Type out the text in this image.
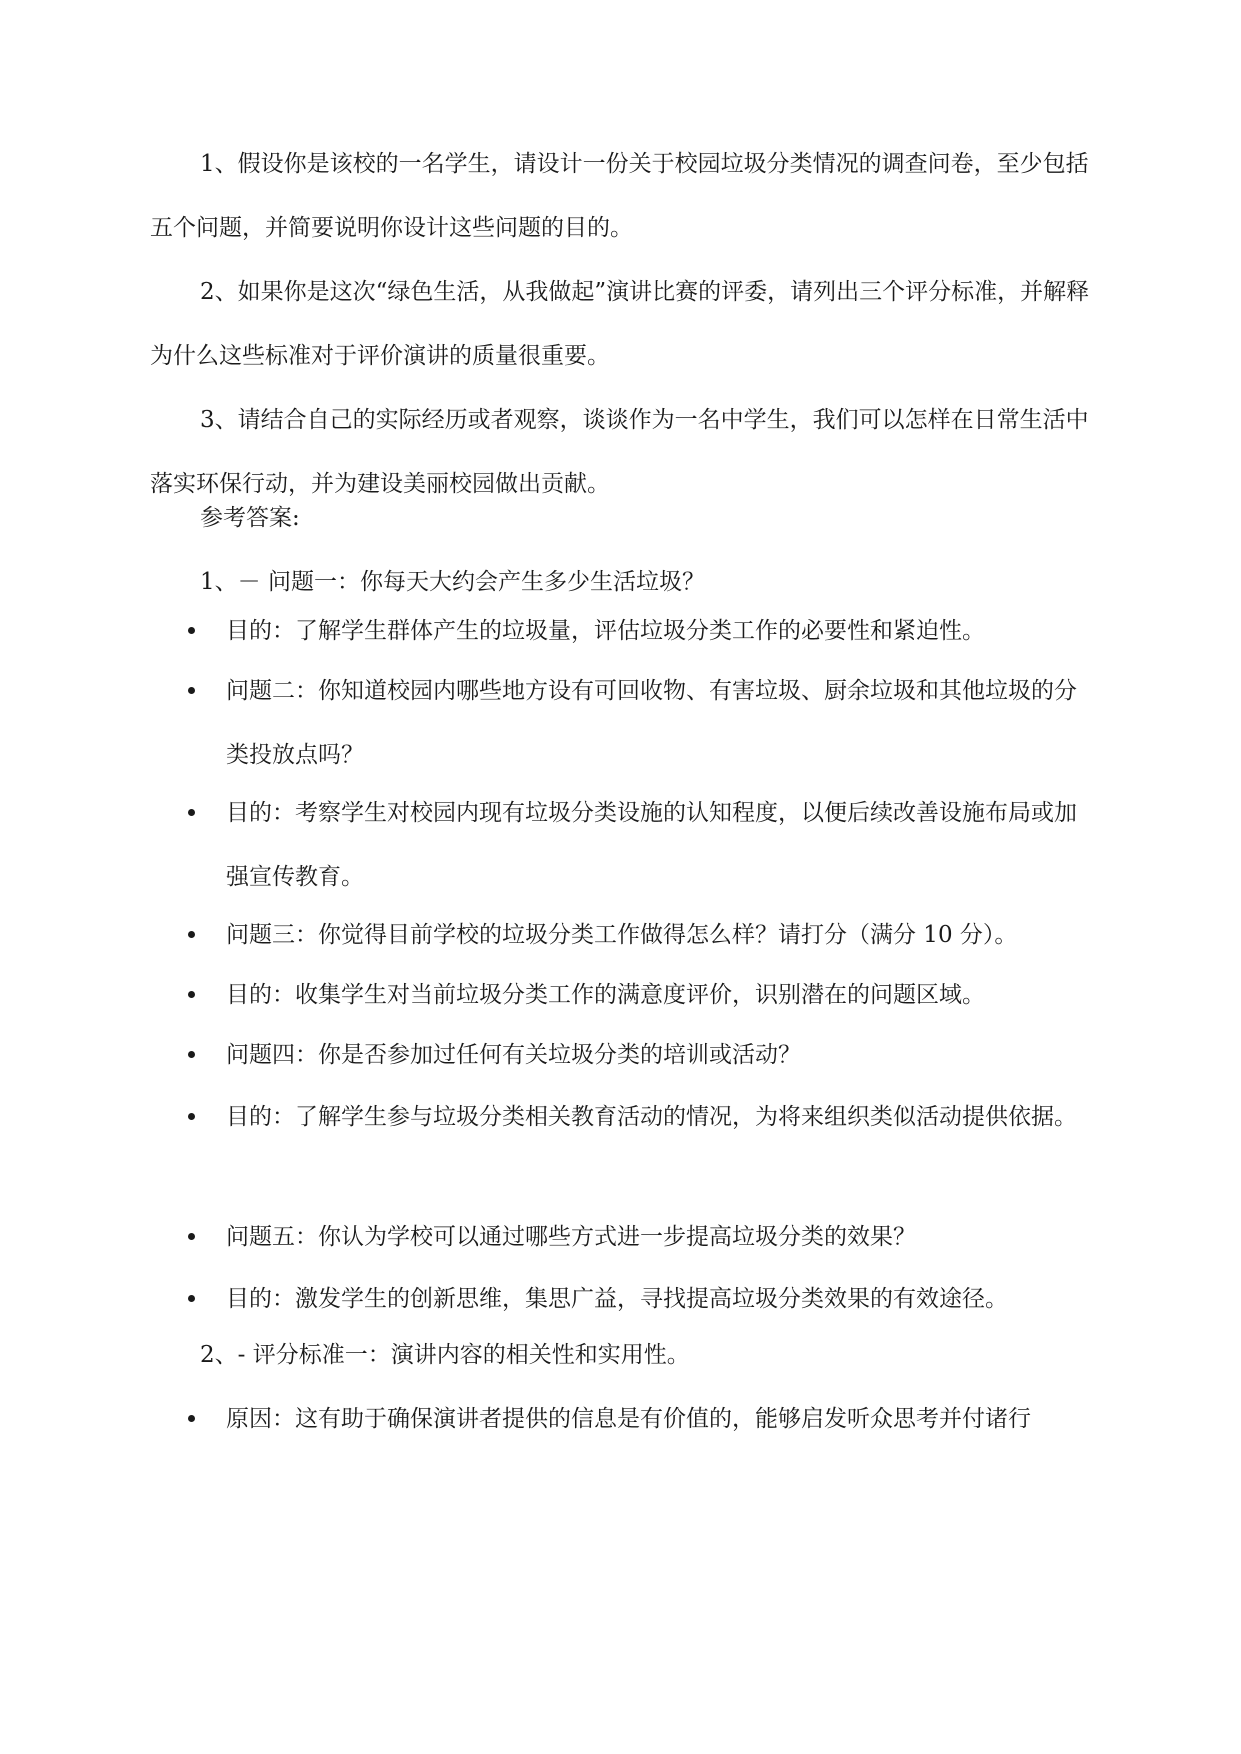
1、假设你是该校的一名学生，请设计一份关于校园垃圾分类情况的调查问卷，至少包括五个问题，并简要说明你设计这些问题的目的。
2、如果你是这次“绿色生活，从我做起”演讲比赛的评委，请列出三个评分标准，并解释为什么这些标准对于评价演讲的质量很重要。
3、请结合自己的实际经历或者观察，谈谈作为一名中学生，我们可以怎样在日常生活中落实环保行动，并为建设美丽校园做出贡献。
参考答案:
1、－ 问题一：你每天大约会产生多少生活垃圾？
目的：了解学生群体产生的垃圾量，评估垃圾分类工作的必要性和紧迫性。
问题二：你知道校园内哪些地方设有可回收物、有害垃圾、厨余垃圾和其他垃圾的分类投放点吗？
目的：考察学生对校园内现有垃圾分类设施的认知程度，以便后续改善设施布局或加强宣传教育。
问题三：你觉得目前学校的垃圾分类工作做得怎么样？请打分（满分 10 分）。
目的：收集学生对当前垃圾分类工作的满意度评价，识别潜在的问题区域。
问题四：你是否参加过任何有关垃圾分类的培训或活动？
目的：了解学生参与垃圾分类相关教育活动的情况，为将来组织类似活动提供依据。
问题五：你认为学校可以通过哪些方式进一步提高垃圾分类的效果？
目的：激发学生的创新思维，集思广益，寻找提高垃圾分类效果的有效途径。
2、- 评分标准一：演讲内容的相关性和实用性。
原因：这有助于确保演讲者提供的信息是有价值的，能够启发听众思考并付诸行
